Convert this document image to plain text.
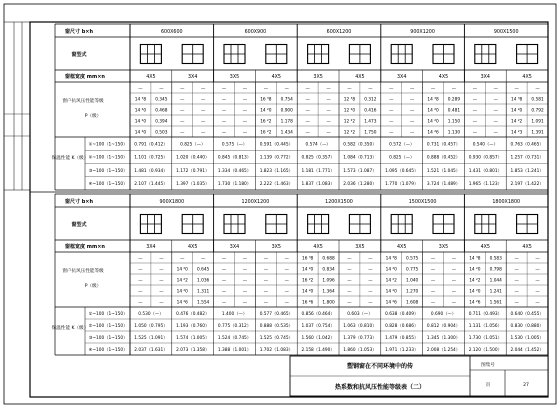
窗尺寸 b×h
窗型式
窗框宽度 mm×n
窗户抗风压性能等级
P（级）
保温性能 K（级）
600X600	600X900	600X1200	900X1200	900X1500
4X5	3X4	3X5	4X5	3X5	4X5	3X4	4X5	3X4	4X5
—	—	—	—	—	—	—	—	—	—	—	—	—	—	—	—	—	—	—	—
14 ³8 0.345	—	—	—	—	16 ³8 0.754	—	—	12 ³8 0.312	—	—	14 ³8 0.289	—	—	14 ³8 0.581
14 ²0 0.468	—	—	—	—	14 ²0 0.900	—	—	12 ²0 0.416	—	—	14 ²0 0.481	—	—	14 ²0 0.792
14 ²0 0.394	—	—	—	—	16 ²2 1.178	—	—	12 ²2 1.473	—	—	14 ²0 1.150	—	—	14 ²2 1.091
14 ²0 0.503	—	—	—	—	16 ²2 1.434	—	—	12 ²2 1.750	—	—	14 ²6 1.130	—	—	14 ²3 1.391
①~100（1~150） 0.791（0.412）	0.825（—）	0.575（—）	0.591（0.445）	0.574（—）	0.582（0.350）	0.572（—）	0.731（0.457）	0.540（—）	0.763（0.465）
②~100（1~150） 1.101（0.725） 1.020（0.440） 0.845（0.813） 1.139（0.772） 0.825（0.357） 1.084（0.713）	0.825（—）	0.888（0.452） 0.930（0.857） 1.257（0.731）
③~100（1~150） 1.481（0.934） 1.172（0.791） 1.334（0.465） 1.823（1.165） 1.181（1.771） 1.573（1.087） 1.095（0.645） 1.521（1.045） 1.431（0.801） 1.853（1.241）
④~100（1~150） 2.107（1.445） 1.397（1.035） 1.730（1.180） 2.222（1.463） 1.837（1.083） 2.036（1.280） 1.770（1.079） 3.724（1.489） 1.965（1.123） 2.197（1.422）
窗尺寸 b×h
窗型式
窗框宽度 mm×n
窗户抗风压性能等级
P（级）
保温性能 K（级）
900X1800	1200X1200	1200X1500	1500X1500	1800X1800
3X4	4X5	3X4	3X5	4X5	3X5	4X5	3X5	4X5	4X5
—	—	—	—	—	—	—	—	16 ³8 0.688	—	—	14 ³8 0.575	—	—	14 ³8 0.583	—	—
—	—	14 ²0 0.645	—	—	—	—	14 ²0 0.834	—	—	14 ²0 0.775	—	—	14 ²0 0.798	—	—
—	—	14 ²2 1.036	—	—	—	—	16 ²2 1.096	—	—	14 ²2 1.040	—	—	14 ²2 1.044	—	—
—	—	14 ²0 1.311	—	—	—	—	14 ²0 1.364	—	—	14 ²0 1.270	—	—	14 ²0 1.241	—	—
—	—	14 ²6 1.554	—	—	—	—	16 ²6 1.800	—	—	14 ²6 1.608	—	—	14 ²6 1.561	—	—
①~100（1~150）	0.530（—）	0.476（0.482）	1.400（—）	0.577（0.465） 0.856（0.464）	0.603（—）	0.638（0.409）	0.690（—）	0.711（0.493） 0.640（0.455）
②~100（1~150） 1.050（0.795） 1.193（0.760） 0.775（0.312） 0.888（0.535） 1.037（0.754） 1.063（0.810） 0.828（0.686） 0.812（0.904） 1.131（1.056） 0.830（0.880）
③~100（1~150） 1.525（1.091） 1.574（1.005） 1.524（0.745） 1.525（0.745） 1.560（1.042） 1.379（0.773） 1.479（0.855） 1.345（1.300） 1.730（1.051） 1.530（1.005）
④~100（1~150） 2.037（1.631） 2.073（1.358） 1.388（1.001） 1.702（1.083） 2.158（1.490） 1.860（1.053） 1.971（1.233） 2.008（1.254） 2.120（1.500） 2.044（1.452）
塑钢窗在不同环境中的传
热系数和抗风压性能等级表（二）
图集号
页	27
